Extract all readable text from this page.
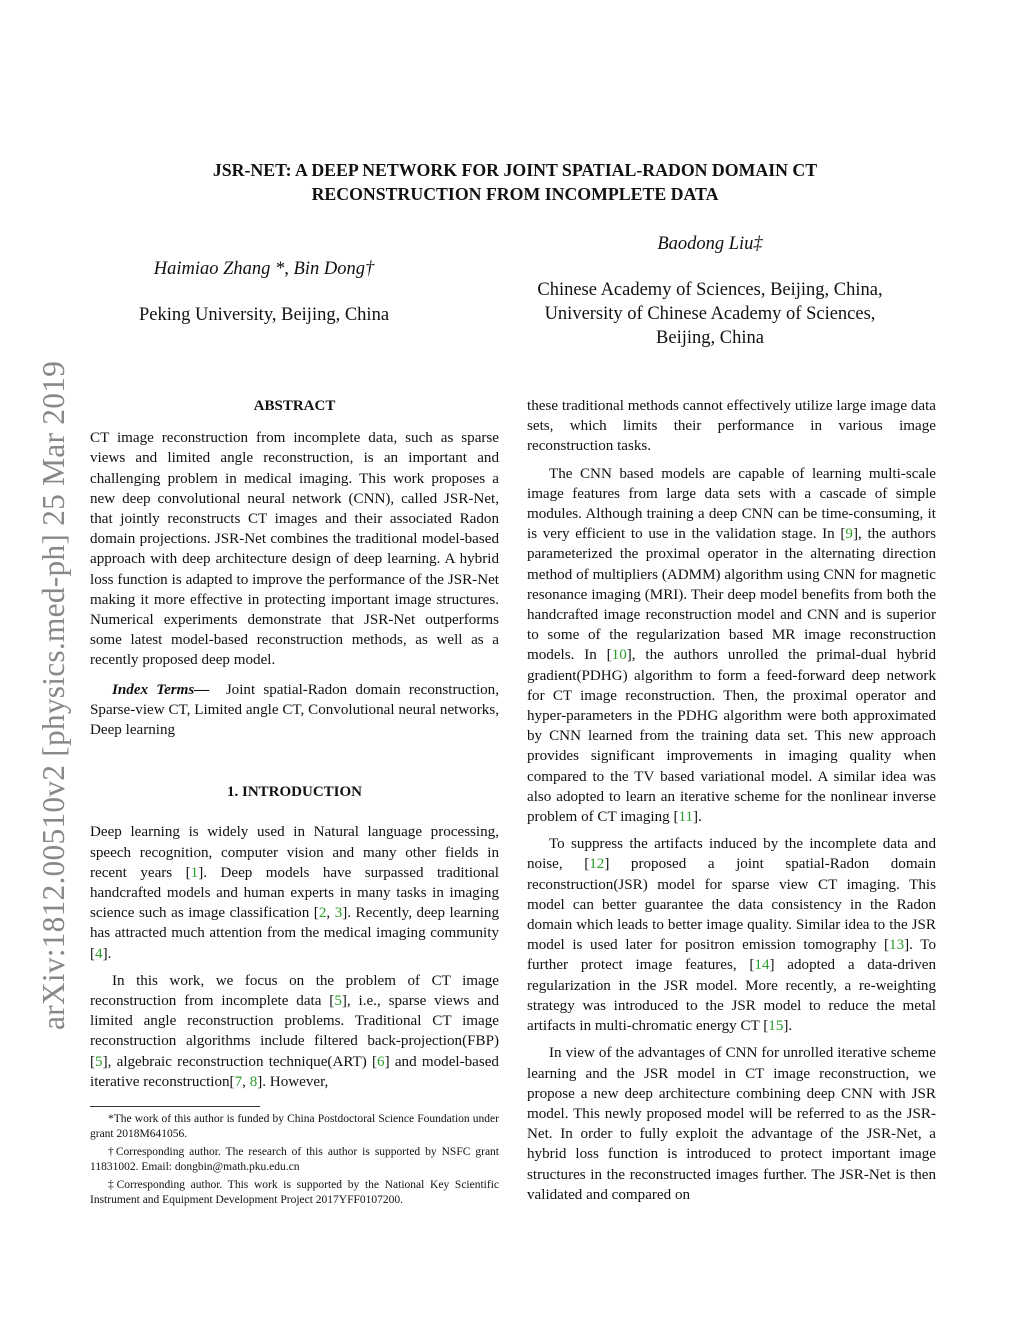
arXiv:1812.00510v2 [physics.med-ph] 25 Mar 2019
JSR-NET: A DEEP NETWORK FOR JOINT SPATIAL-RADON DOMAIN CT
RECONSTRUCTION FROM INCOMPLETE DATA
Haimiao Zhang *, Bin Dong†
Peking University, Beijing, China
Baodong Liu‡
Chinese Academy of Sciences, Beijing, China,
University of Chinese Academy of Sciences,
Beijing, China
ABSTRACT

CT image reconstruction from incomplete data, such as sparse views and limited angle reconstruction, is an important and challenging problem in medical imaging. This work proposes a new deep convolutional neural network (CNN), called JSR-Net, that jointly reconstructs CT images and their associated Radon domain projections. JSR-Net combines the traditional model-based approach with deep architecture design of deep learning. A hybrid loss function is adapted to improve the performance of the JSR-Net making it more effective in protecting important image structures. Numerical experiments demonstrate that JSR-Net outperforms some latest model-based reconstruction methods, as well as a recently proposed deep model.

Index Terms— Joint spatial-Radon domain reconstruction, Sparse-view CT, Limited angle CT, Convolutional neural networks, Deep learning

1. INTRODUCTION

Deep learning is widely used in Natural language processing, speech recognition, computer vision and many other fields in recent years [1]. Deep models have surpassed traditional handcrafted models and human experts in many tasks in imaging science such as image classification [2, 3]. Recently, deep learning has attracted much attention from the medical imaging community [4].

In this work, we focus on the problem of CT image reconstruction from incomplete data [5], i.e., sparse views and limited angle reconstruction problems. Traditional CT image reconstruction algorithms include filtered back-projection(FBP) [5], algebraic reconstruction technique(ART) [6] and model-based iterative reconstruction[7, 8]. However,

*The work of this author is funded by China Postdoctoral Science Foundation under grant 2018M641056.

†Corresponding author. The research of this author is supported by NSFC grant 11831002. Email: dongbin@math.pku.edu.cn

‡Corresponding author. This work is supported by the National Key Scientific Instrument and Equipment Development Project 2017YFF0107200.

these traditional methods cannot effectively utilize large image data sets, which limits their performance in various image reconstruction tasks.

The CNN based models are capable of learning multi-scale image features from large data sets with a cascade of simple modules. Although training a deep CNN can be time-consuming, it is very efficient to use in the validation stage. In [9], the authors parameterized the proximal operator in the alternating direction method of multipliers (ADMM) algorithm using CNN for magnetic resonance imaging (MRI). Their deep model benefits from both the handcrafted image reconstruction model and CNN and is superior to some of the regularization based MR image reconstruction models. In [10], the authors unrolled the primal-dual hybrid gradient(PDHG) algorithm to form a feed-forward deep network for CT image reconstruction. Then, the proximal operator and hyper-parameters in the PDHG algorithm were both approximated by CNN learned from the training data set. This new approach provides significant improvements in imaging quality when compared to the TV based variational model. A similar idea was also adopted to learn an iterative scheme for the nonlinear inverse problem of CT imaging [11].

To suppress the artifacts induced by the incomplete data and noise, [12] proposed a joint spatial-Radon domain reconstruction(JSR) model for sparse view CT imaging. This model can better guarantee the data consistency in the Radon domain which leads to better image quality. Similar idea to the JSR model is used later for positron emission tomography [13]. To further protect image features, [14] adopted a data-driven regularization in the JSR model. More recently, a re-weighting strategy was introduced to the JSR model to reduce the metal artifacts in multi-chromatic energy CT [15].

In view of the advantages of CNN for unrolled iterative scheme learning and the JSR model in CT image reconstruction, we propose a new deep architecture combining deep CNN with JSR model. This newly proposed model will be referred to as the JSR-Net. In order to fully exploit the advantage of the JSR-Net, a hybrid loss function is introduced to protect important image structures in the reconstructed images further. The JSR-Net is then validated and compared on
